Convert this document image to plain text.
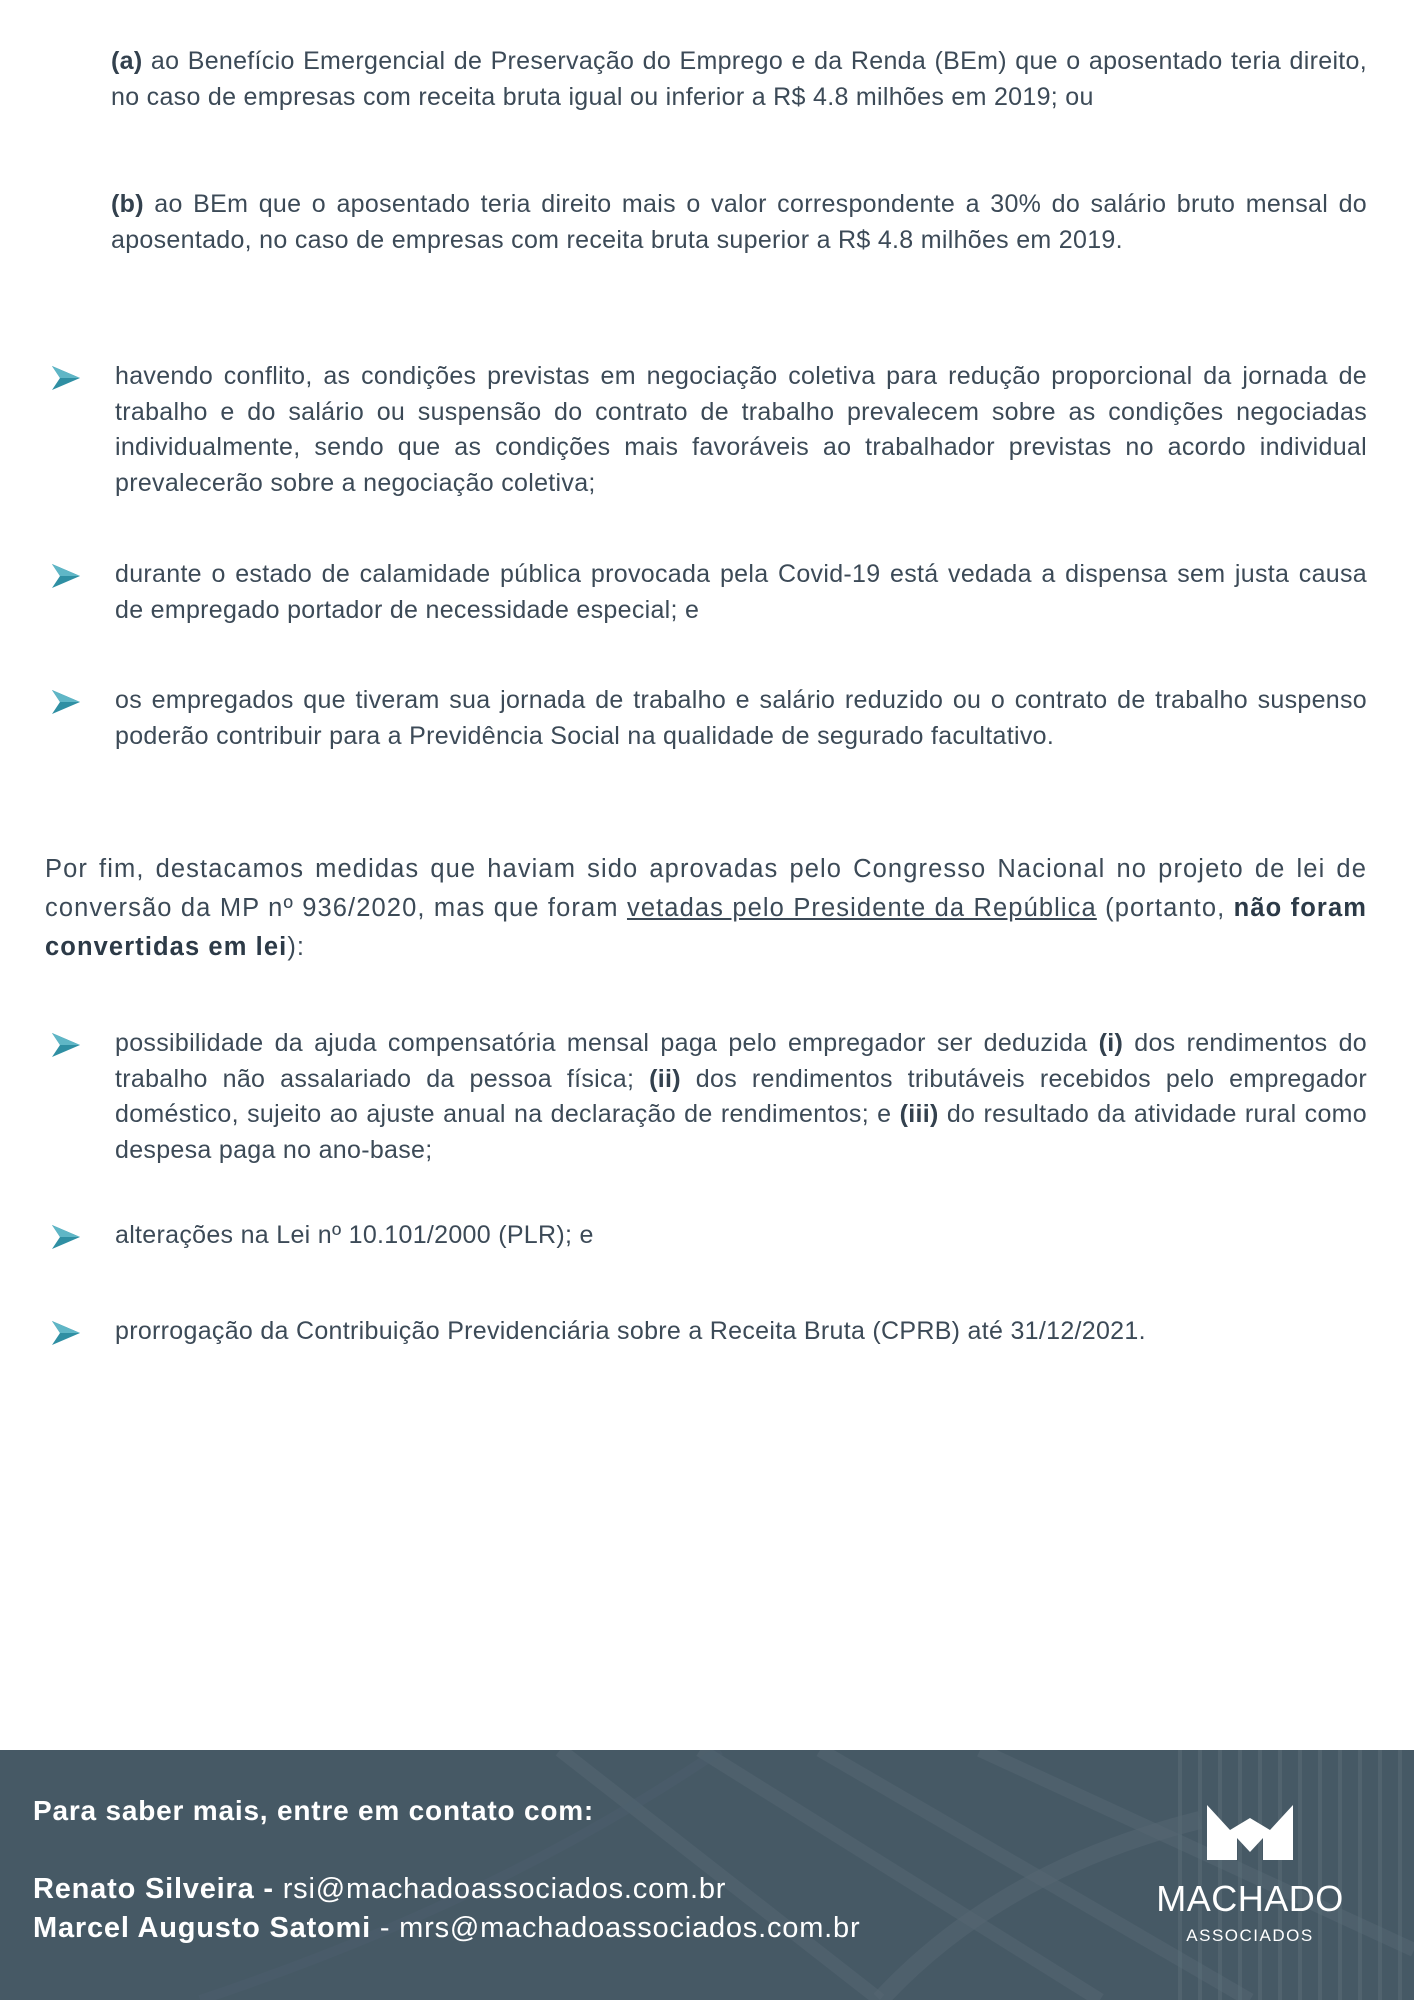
(a) ao Benefício Emergencial de Preservação do Emprego e da Renda (BEm) que o aposentado teria direito, no caso de empresas com receita bruta igual ou inferior a R$ 4.8 milhões em 2019; ou

(b) ao BEm que o aposentado teria direito mais o valor correspondente a 30% do salário bruto mensal do aposentado, no caso de empresas com receita bruta superior a R$ 4.8 milhões em 2019.

havendo conflito, as condições previstas em negociação coletiva para redução proporcional da jornada de trabalho e do salário ou suspensão do contrato de trabalho prevalecem sobre as condições negociadas individualmente, sendo que as condições mais favoráveis ao trabalhador previstas no acordo individual prevalecerão sobre a negociação coletiva;

durante o estado de calamidade pública provocada pela Covid-19 está vedada a dispensa sem justa causa de empregado portador de necessidade especial; e

os empregados que tiveram sua jornada de trabalho e salário reduzido ou o contrato de trabalho suspenso poderão contribuir para a Previdência Social na qualidade de segurado facultativo.

Por fim, destacamos medidas que haviam sido aprovadas pelo Congresso Nacional no projeto de lei de conversão da MP nº 936/2020, mas que foram vetadas pelo Presidente da República (portanto, não foram convertidas em lei):

possibilidade da ajuda compensatória mensal paga pelo empregador ser deduzida (i) dos rendimentos do trabalho não assalariado da pessoa física; (ii) dos rendimentos tributáveis recebidos pelo empregador doméstico, sujeito ao ajuste anual na declaração de rendimentos; e (iii) do resultado da atividade rural como despesa paga no ano-base;

alterações na Lei nº 10.101/2000 (PLR); e

prorrogação da Contribuição Previdenciária sobre a Receita Bruta (CPRB) até 31/12/2021.

Para saber mais, entre em contato com:

Renato Silveira - rsi@machadoassociados.com.br

Marcel Augusto Satomi - mrs@machadoassociados.com.br

MACHADO
ASSOCIADOS
